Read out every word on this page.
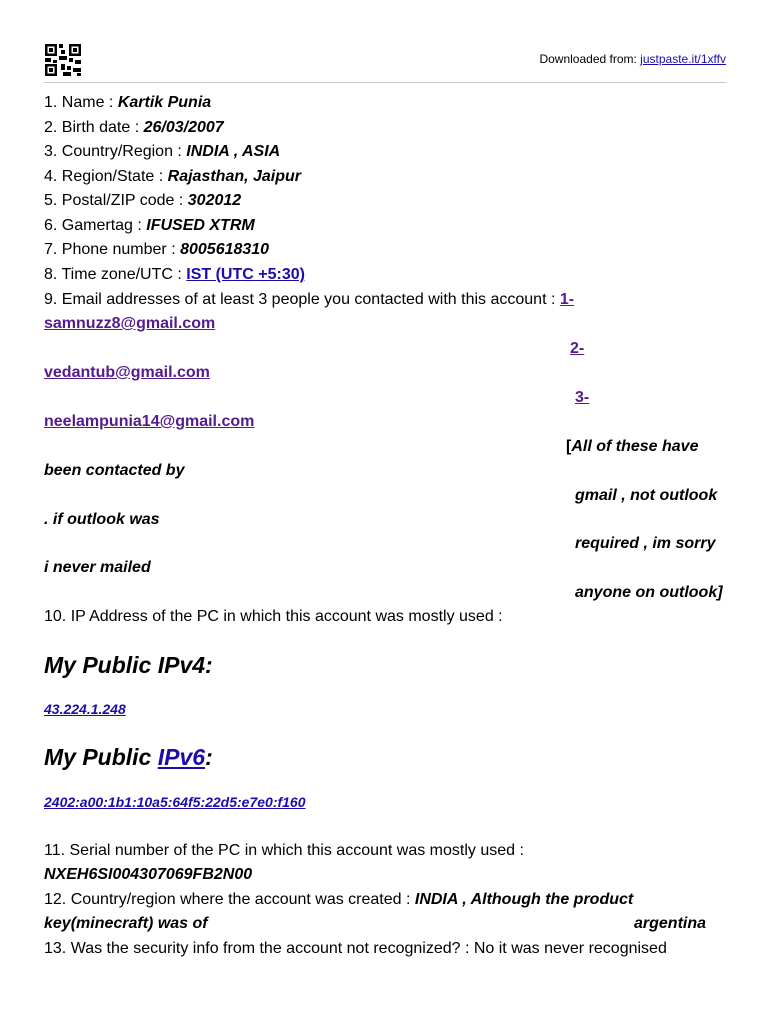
Downloaded from: justpaste.it/1xffv
1. Name : Kartik Punia
2. Birth date : 26/03/2007
3. Country/Region : INDIA , ASIA
4. Region/State : Rajasthan, Jaipur
5. Postal/ZIP code : 302012
6. Gamertag : IFUSED XTRM
7. Phone number : 8005618310
8. Time zone/UTC : IST (UTC +5:30)
9. Email addresses of at least 3 people you contacted with this account : 1-
samnuzz8@gmail.com
2-
vedantub@gmail.com
3-
neelampunia14@gmail.com
[All of these have
been contacted by
gmail , not outlook
. if outlook was
required , im sorry
i never mailed
anyone on outlook]
10. IP Address of the PC in which this account was mostly used :
My Public IPv4:
43.224.1.248
My Public IPv6:
2402:a00:1b1:10a5:64f5:22d5:e7e0:f160
11. Serial number of the PC in which this account was mostly used :
NXEH6SI004307069FB2N00
12. Country/region where the account was created : INDIA , Although the product
key(minecraft) was of	argentina
13. Was the security info from the account not recognized? : No it was never recognised
